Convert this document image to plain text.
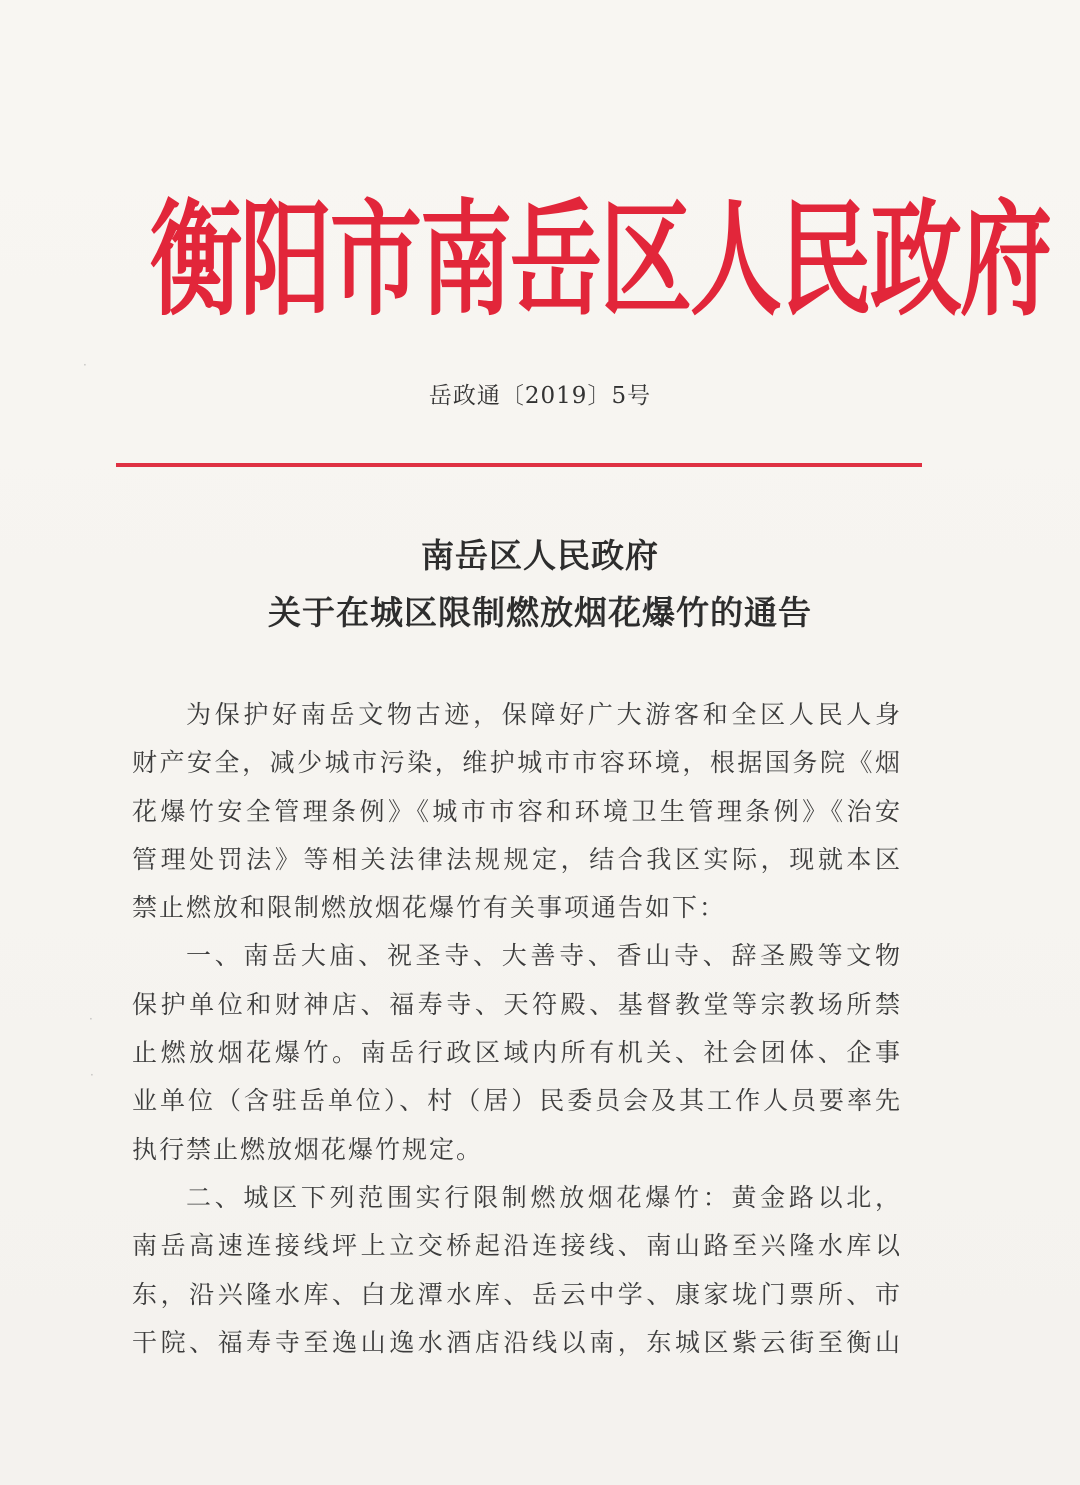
衡阳市南岳区人民政府
岳政通〔2019〕5号
南岳区人民政府
关于在城区限制燃放烟花爆竹的通告
为保护好南岳文物古迹，保障好广大游客和全区人民人身
财产安全，减少城市污染，维护城市市容环境，根据国务院《烟
花爆竹安全管理条例》《城市市容和环境卫生管理条例》《治安
管理处罚法》等相关法律法规规定，结合我区实际，现就本区
禁止燃放和限制燃放烟花爆竹有关事项通告如下：
一、南岳大庙、祝圣寺、大善寺、香山寺、辞圣殿等文物
保护单位和财神店、福寿寺、天符殿、基督教堂等宗教场所禁
止燃放烟花爆竹。南岳行政区域内所有机关、社会团体、企事
业单位（含驻岳单位）、村（居）民委员会及其工作人员要率先
执行禁止燃放烟花爆竹规定。
二、城区下列范围实行限制燃放烟花爆竹：黄金路以北，
南岳高速连接线坪上立交桥起沿连接线、南山路至兴隆水库以
东，沿兴隆水库、白龙潭水库、岳云中学、康家垅门票所、市
干院、福寿寺至逸山逸水酒店沿线以南，东城区紫云街至衡山
·
·
·
